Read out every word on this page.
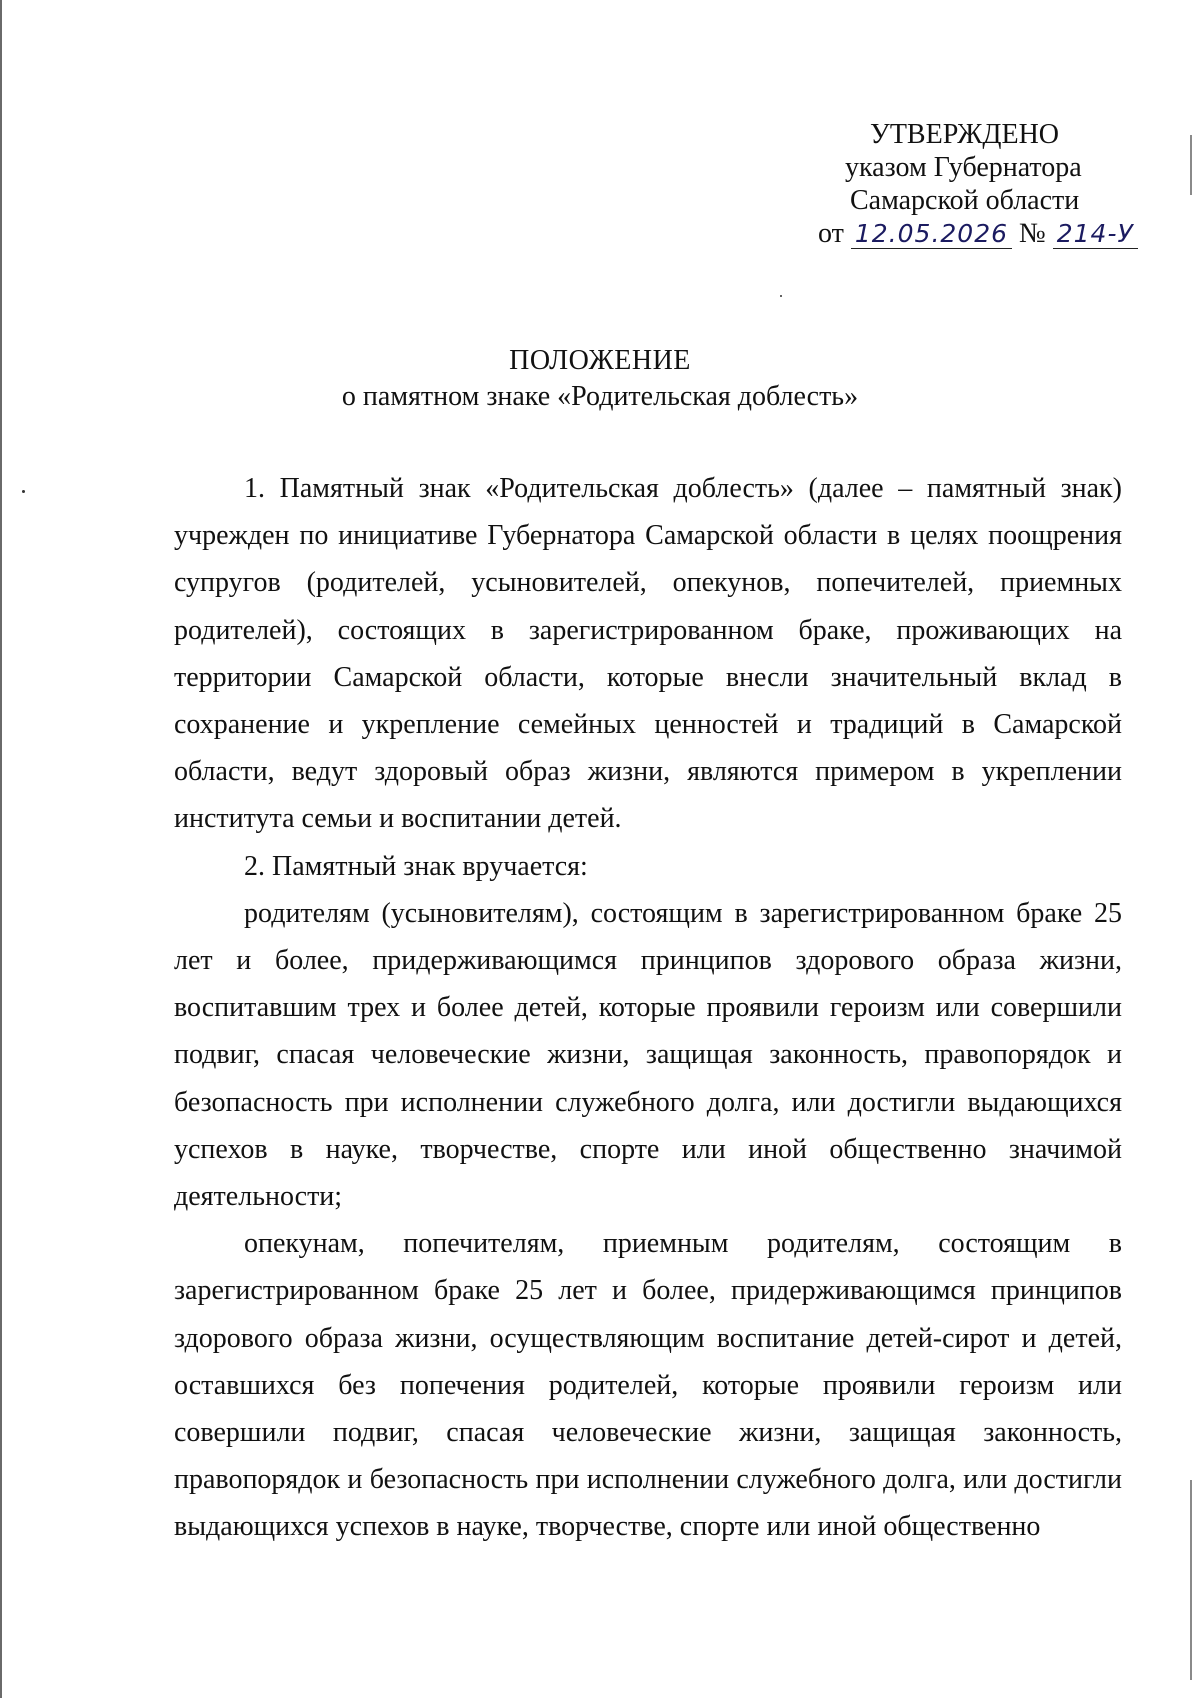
УТВЕРЖДЕНО
указом Губернатора
Самарской области
от 12.05.2026 № 214-У
ПОЛОЖЕНИЕ
о памятном знаке «Родительская доблесть»

1. Памятный знак «Родительская доблесть» (далее – памятный знак) учрежден по инициативе Губернатора Самарской области в целях поощрения супругов (родителей, усыновителей, опекунов, попечителей, приемных родителей), состоящих в зарегистрированном браке, проживающих на территории Самарской области, которые внесли значительный вклад в сохранение и укрепление семейных ценностей и традиций в Самарской области, ведут здоровый образ жизни, являются примером в укреплении института семьи и воспитании детей.

2. Памятный знак вручается:

родителям (усыновителям), состоящим в зарегистрированном браке 25 лет и более, придерживающимся принципов здорового образа жизни, воспитавшим трех и более детей, которые проявили героизм или совершили подвиг, спасая человеческие жизни, защищая законность, правопорядок и безопасность при исполнении служебного долга, или достигли выдающихся успехов в науке, творчестве, спорте или иной общественно значимой деятельности;

опекунам, попечителям, приемным родителям, состоящим в зарегистрированном браке 25 лет и более, придерживающимся принципов здорового образа жизни, осуществляющим воспитание детей-сирот и детей, оставшихся без попечения родителей, которые проявили героизм или совершили подвиг, спасая человеческие жизни, защищая законность, правопорядок и безопасность при исполнении служебного долга, или достигли выдающихся успехов в науке, творчестве, спорте или иной общественно
